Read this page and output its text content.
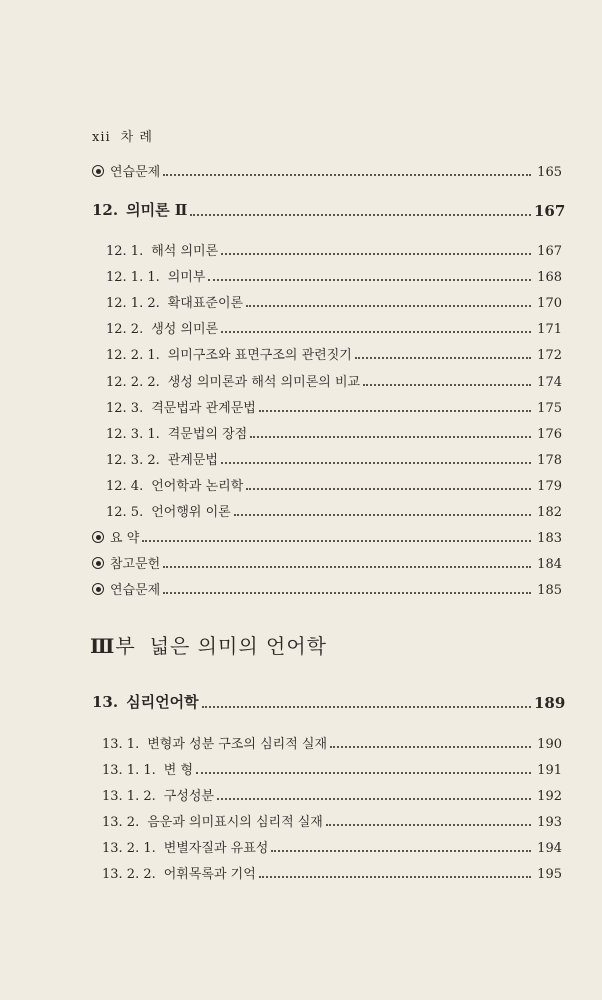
xii 차 례
연습문제	165
12. 의미론 Ⅱ	167
12. 1. 해석 의미론	167
12. 1. 1. 의미부	168
12. 1. 2. 확대표준이론	170
12. 2. 생성 의미론	171
12. 2. 1. 의미구조와 표면구조의 관련짓기	172
12. 2. 2. 생성 의미론과 해석 의미론의 비교	174
12. 3. 격문법과 관계문법	175
12. 3. 1. 격문법의 장점	176
12. 3. 2. 관계문법	178
12. 4. 언어학과 논리학	179
12. 5. 언어행위 이론	182
요 약	183
참고문헌	184
연습문제	185
Ⅲ부 넓은 의미의 언어학
13. 심리언어학	189
13. 1. 변형과 성분 구조의 심리적 실재	190
13. 1. 1. 변 형	191
13. 1. 2. 구성성분	192
13. 2. 음운과 의미표시의 심리적 실재	193
13. 2. 1. 변별자질과 유표성	194
13. 2. 2. 어휘목록과 기억	195
